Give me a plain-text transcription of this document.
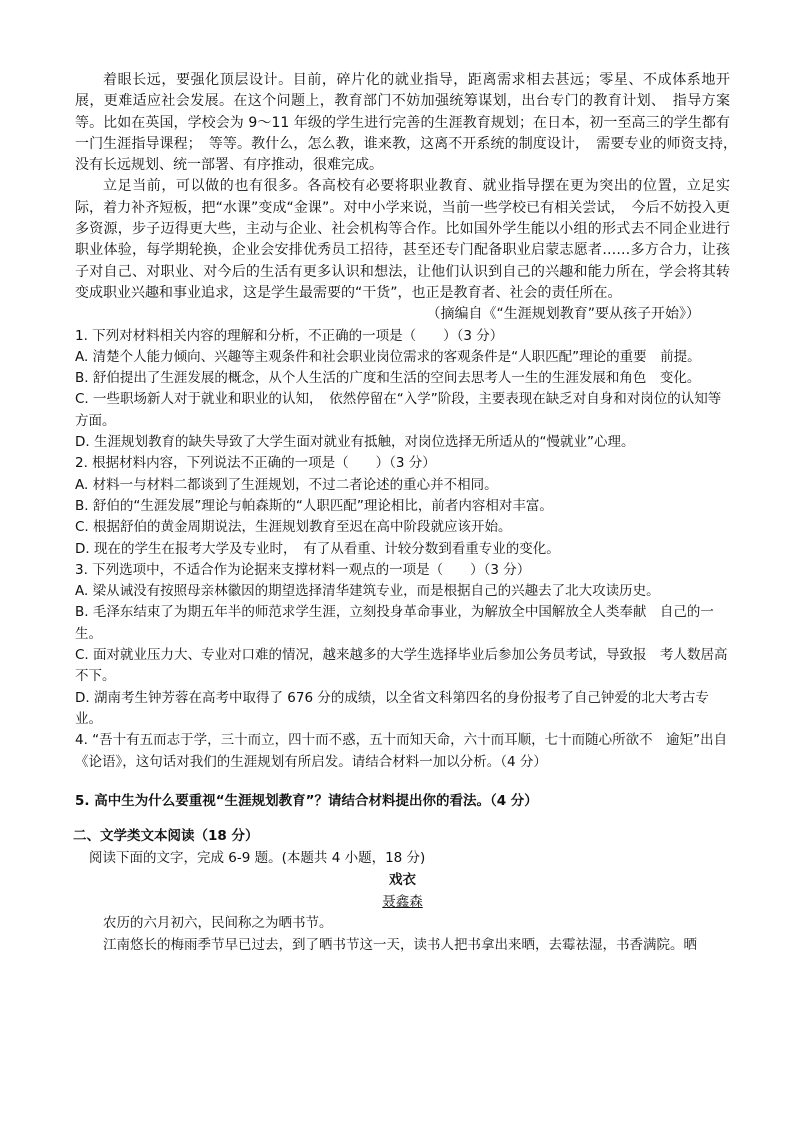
着眼长远，要强化顶层设计。目前，碎片化的就业指导，距离需求相去甚远；零星、不成体系地开展，更难适应社会发展。在这个问题上，教育部门不妨加强统筹谋划，出台专门的教育计划、　指导方案等。比如在英国，学校会为 9～11 年级的学生进行完善的生涯教育规划；在日本，初一至高三的学生都有一门生涯指导课程；　等等。教什么，怎么教，谁来教，这离不开系统的制度设计，　需要专业的师资支持，　没有长远规划、统一部署、有序推动，很难完成。

立足当前，可以做的也有很多。各高校有必要将职业教育、就业指导摆在更为突出的位置，立足实际，着力补齐短板，把“水课”变成“金课”。对中小学来说，当前一些学校已有相关尝试，　今后不妨投入更多资源，步子迈得更大些，主动与企业、社会机构等合作。比如国外学生能以小组的形式去不同企业进行职业体验，每学期轮换，企业会安排优秀员工招待，甚至还专门配备职业启蒙志愿者……多方合力，让孩子对自己、对职业、对今后的生活有更多认识和想法，让他们认识到自己的兴趣和能力所在，学会将其转变成职业兴趣和事业追求，这是学生最需要的“干货”，也正是教育者、社会的责任所在。

（摘编自《“生涯规划教育”要从孩子开始》）

1. 下列对材料相关内容的理解和分析，不正确的一项是（　　）（3 分）

A. 清楚个人能力倾向、兴趣等主观条件和社会职业岗位需求的客观条件是“人职匹配”理论的重要　前提。

B. 舒伯提出了生涯发展的概念，从个人生活的广度和生活的空间去思考人一生的生涯发展和角色　变化。

C. 一些职场新人对于就业和职业的认知，　依然停留在“入学”阶段，主要表现在缺乏对自身和对岗位的认知等方面。

D. 生涯规划教育的缺失导致了大学生面对就业有抵触，对岗位选择无所适从的“慢就业”心理。

2. 根据材料内容，下列说法不正确的一项是（　　）（3 分）

A. 材料一与材料二都谈到了生涯规划，不过二者论述的重心并不相同。

B. 舒伯的“生涯发展”理论与帕森斯的“人职匹配”理论相比，前者内容相对丰富。

C. 根据舒伯的黄金周期说法，生涯规划教育至迟在高中阶段就应该开始。

D. 现在的学生在报考大学及专业时，　有了从看重、计较分数到看重专业的变化。

3. 下列选项中，不适合作为论据来支撑材料一观点的一项是（　　）（3 分）

A. 梁从诫没有按照母亲林徽因的期望选择清华建筑专业，而是根据自己的兴趣去了北大攻读历史。

B. 毛泽东结束了为期五年半的师范求学生涯，立刻投身革命事业，为解放全中国解放全人类奉献　自己的一生。

C. 面对就业压力大、专业对口难的情况，越来越多的大学生选择毕业后参加公务员考试，导致报　考人数居高不下。

D. 湖南考生钟芳蓉在高考中取得了 676 分的成绩，以全省文科第四名的身份报考了自己钟爱的北大考古专业。

4. “吾十有五而志于学，三十而立，四十而不惑，五十而知天命，六十而耳顺，七十而随心所欲不　逾矩”出自《论语》，这句话对我们的生涯规划有所启发。请结合材料一加以分析。（4 分）

5. 高中生为什么要重视“生涯规划教育”？请结合材料提出你的看法。（4 分）

二、文学类文本阅读（18 分）

阅读下面的文字，完成 6-9 题。(本题共 4 小题，18 分)

戏衣

聂鑫森

农历的六月初六，民间称之为晒书节。

江南悠长的梅雨季节早已过去，到了晒书节这一天，读书人把书拿出来晒，去霉祛湿，书香满院。晒
